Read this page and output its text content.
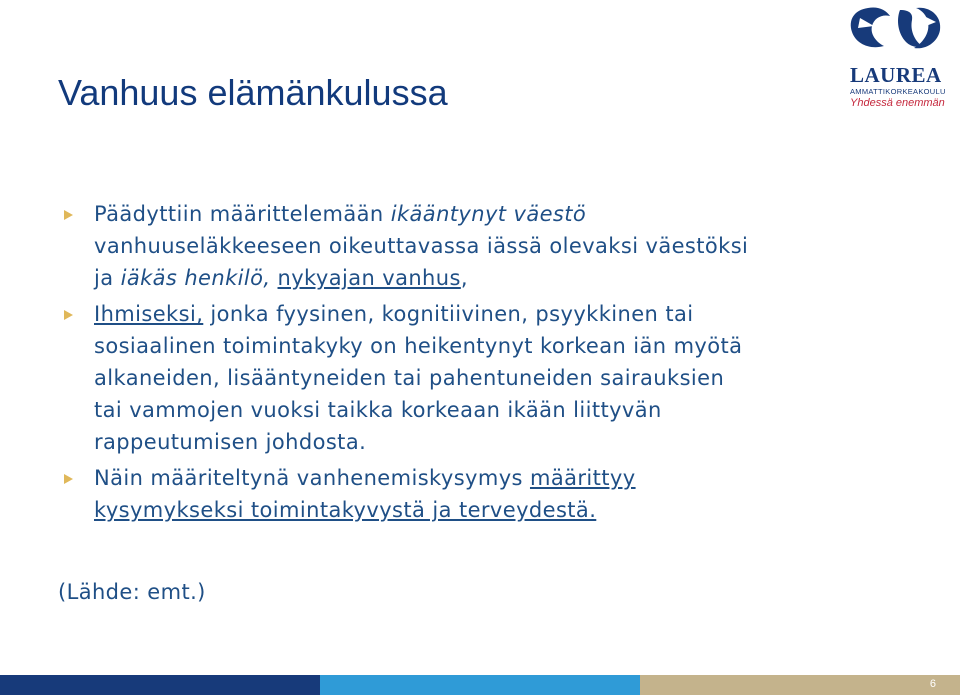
Vanhuus elämänkulussa	LAUREA
AMMATTIKORKEAKOULU
Yhdessä enemmän

Päädyttiin määrittelemään ikääntynyt väestö vanhuuseläkkeeseen oikeuttavassa iässä olevaksi väestöksi ja iäkäs henkilö, nykyajan vanhus,

Ihmiseksi, jonka fyysinen, kognitiivinen, psyykkinen tai sosiaalinen toimintakyky on heikentynyt korkean iän myötä alkaneiden, lisääntyneiden tai pahentuneiden sairauksien tai vammojen vuoksi taikka korkeaan ikään liittyvän rappeutumisen johdosta.

Näin määriteltynä vanhenemiskysymys määrittyy kysymykseksi toimintakyvystä ja terveydestä.

(Lähde: emt.)
6
